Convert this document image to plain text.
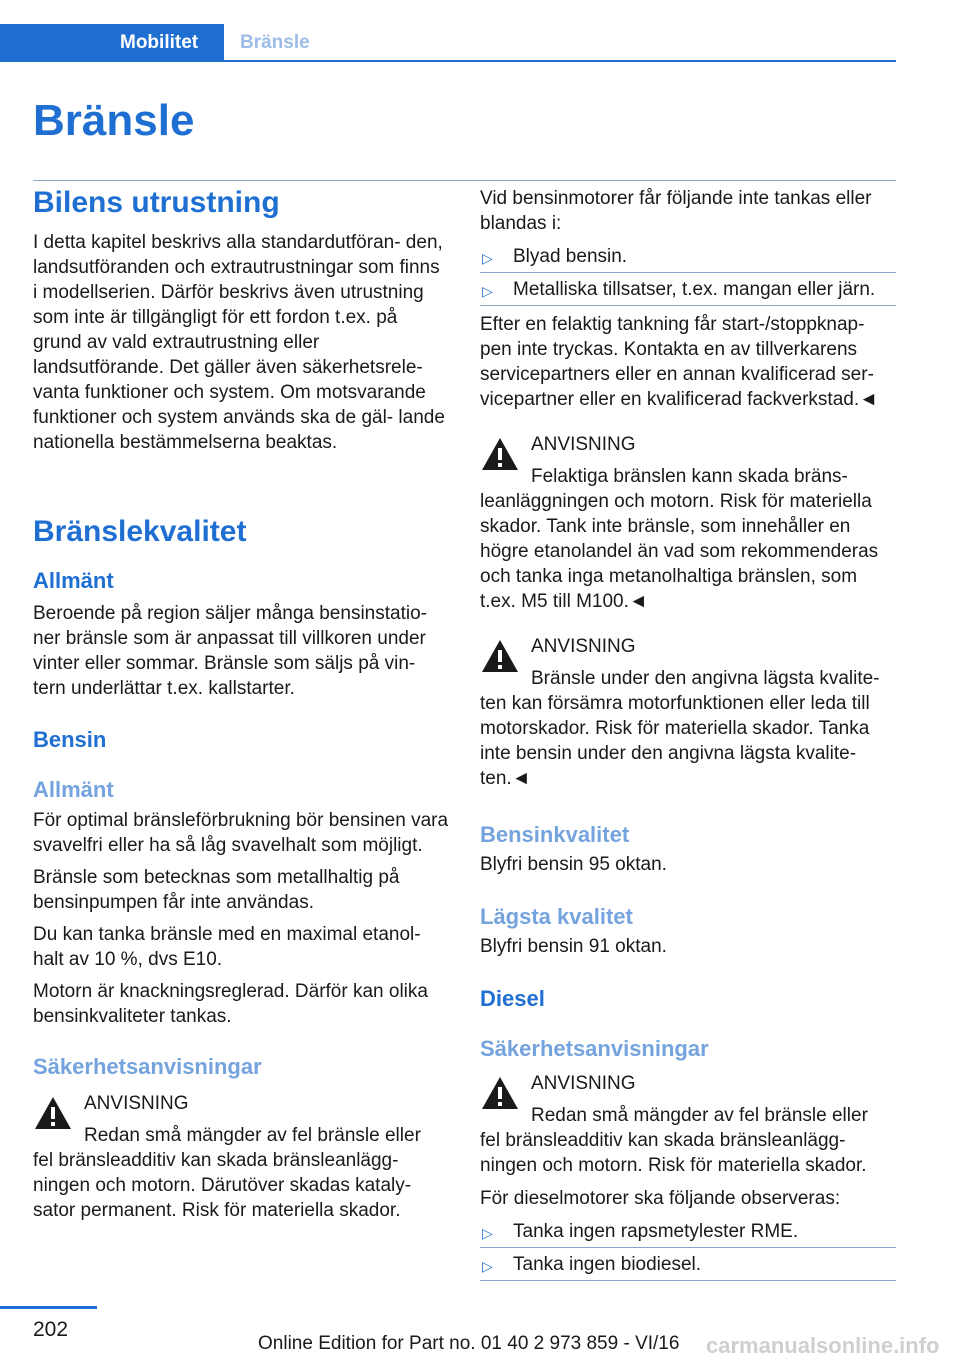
Mobilitet	Bränsle
Bränsle
Bilens utrustning
I detta kapitel beskrivs alla standardutföran- den, landsutföranden och extrautrustningar som finns i modellserien. Därför beskrivs även utrustning som inte är tillgängligt för ett fordon t.ex. på grund av vald extrautrustning eller landsutförande. Det gäller även säkerhetsrele- vanta funktioner och system. Om motsvarande funktioner och system används ska de gäl- lande nationella bestämmelserna beaktas.
Bränslekvalitet
Allmänt
Beroende på region säljer många bensinstatio- ner bränsle som är anpassat till villkoren under vinter eller sommar. Bränsle som säljs på vin- tern underlättar t.ex. kallstarter.
Bensin
Allmänt
För optimal bränsleförbrukning bör bensinen vara svavelfri eller ha så låg svavelhalt som möjligt.
Bränsle som betecknas som metallhaltig på bensinpumpen får inte användas.
Du kan tanka bränsle med en maximal etanol- halt av 10 %, dvs E10.
Motorn är knackningsreglerad. Därför kan olika bensinkvaliteter tankas.
Säkerhetsanvisningar
ANVISNING
Redan små mängder av fel bränsle eller
fel bränsleadditiv kan skada bränsleanlägg- ningen och motorn. Därutöver skadas kataly- sator permanent. Risk för materiella skador.
Vid bensinmotorer får följande inte tankas eller blandas i:
▷ Blyad bensin.
▷ Metalliska tillsatser, t.ex. mangan eller järn.
Efter en felaktig tankning får start-/stoppknap- pen inte tryckas. Kontakta en av tillverkarens servicepartners eller en annan kvalificerad ser- vicepartner eller en kvalificerad fackverkstad.◄
ANVISNING
Felaktiga bränslen kann skada bräns-
leanläggningen och motorn. Risk för materiella skador. Tank inte bränsle, som innehåller en högre etanolandel än vad som rekommenderas och tanka inga metanolhaltiga bränslen, som t.ex. M5 till M100.◄
ANVISNING
Bränsle under den angivna lägsta kvalite-
ten kan försämra motorfunktionen eller leda till motorskador. Risk för materiella skador. Tanka inte bensin under den angivna lägsta kvalite- ten.◄
Bensinkvalitet
Blyfri bensin 95 oktan.
Lägsta kvalitet
Blyfri bensin 91 oktan.
Diesel
Säkerhetsanvisningar
ANVISNING
Redan små mängder av fel bränsle eller
fel bränsleadditiv kan skada bränsleanlägg- ningen och motorn. Risk för materiella skador.
För dieselmotorer ska följande observeras:
▷ Tanka ingen rapsmetylester RME.
▷ Tanka ingen biodiesel.
202
Online Edition for Part no. 01 40 2 973 859 - VI/16 carmanualsonline.info
